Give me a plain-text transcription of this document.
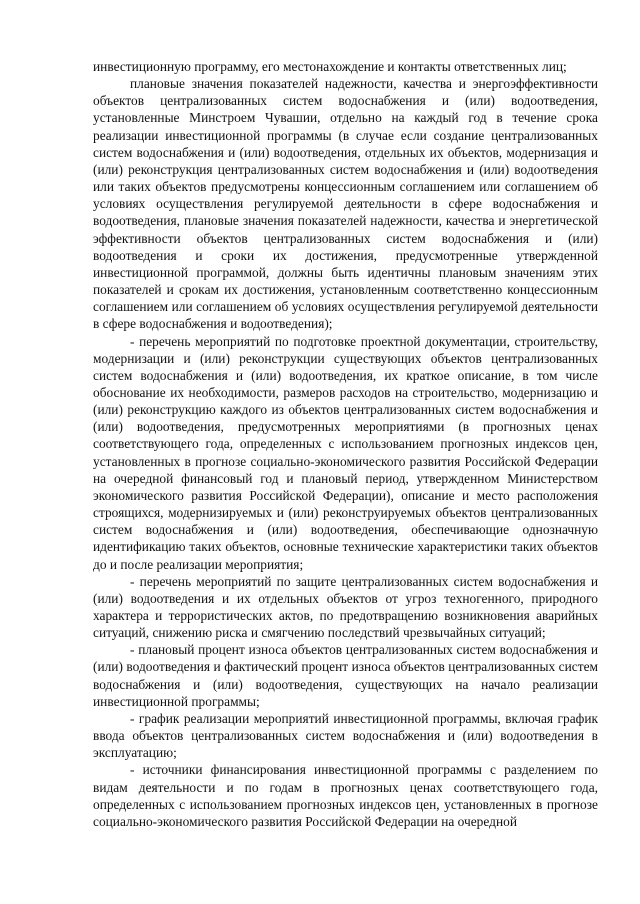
инвестиционную программу, его местонахождение и контакты ответственных лиц;

плановые значения показателей надежности, качества и энергоэффективности объектов централизованных систем водоснабжения и (или) водоотведения, установленные Минстроем Чувашии, отдельно на каждый год в течение срока реализации инвестиционной программы (в случае если создание централизованных систем водоснабжения и (или) водоотведения, отдельных их объектов, модернизация и (или) реконструкция централизованных систем водоснабжения и (или) водоотведения или таких объектов предусмотрены концессионным соглашением или соглашением об условиях осуществления регулируемой деятельности в сфере водоснабжения и водоотведения, плановые значения показателей надежности, качества и энергетической эффективности объектов централизованных систем водоснабжения и (или) водоотведения и сроки их достижения, предусмотренные утвержденной инвестиционной программой, должны быть идентичны плановым значениям этих показателей и срокам их достижения, установленным соответственно концессионным соглашением или соглашением об условиях осуществления регулируемой деятельности в сфере водоснабжения и водоотведения);

- перечень мероприятий по подготовке проектной документации, строительству, модернизации и (или) реконструкции существующих объектов централизованных систем водоснабжения и (или) водоотведения, их краткое описание, в том числе обоснование их необходимости, размеров расходов на строительство, модернизацию и (или) реконструкцию каждого из объектов централизованных систем водоснабжения и (или) водоотведения, предусмотренных мероприятиями (в прогнозных ценах соответствующего года, определенных с использованием прогнозных индексов цен, установленных в прогнозе социально-экономического развития Российской Федерации на очередной финансовый год и плановый период, утвержденном Министерством экономического развития Российской Федерации), описание и место расположения строящихся, модернизируемых и (или) реконструируемых объектов централизованных систем водоснабжения и (или) водоотведения, обеспечивающие однозначную идентификацию таких объектов, основные технические характеристики таких объектов до и после реализации мероприятия;

- перечень мероприятий по защите централизованных систем водоснабжения и (или) водоотведения и их отдельных объектов от угроз техногенного, природного характера и террористических актов, по предотвращению возникновения аварийных ситуаций, снижению риска и смягчению последствий чрезвычайных ситуаций;

- плановый процент износа объектов централизованных систем водоснабжения и (или) водоотведения и фактический процент износа объектов централизованных систем водоснабжения и (или) водоотведения, существующих на начало реализации инвестиционной программы;

- график реализации мероприятий инвестиционной программы, включая график ввода объектов централизованных систем водоснабжения и (или) водоотведения в эксплуатацию;

- источники финансирования инвестиционной программы с разделением по видам деятельности и по годам в прогнозных ценах соответствующего года, определенных с использованием прогнозных индексов цен, установленных в прогнозе социально-экономического развития Российской Федерации на очередной
